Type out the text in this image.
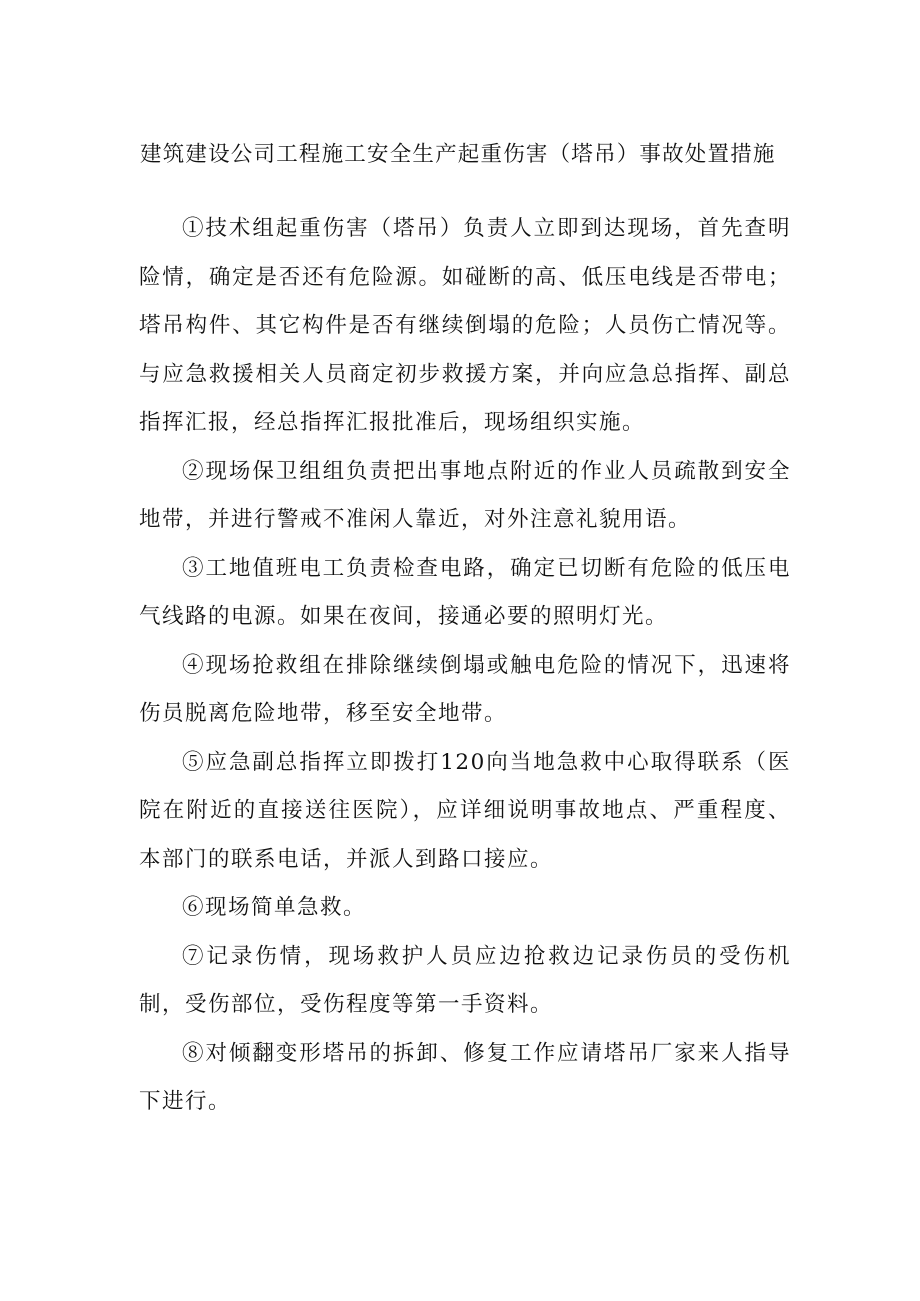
建筑建设公司工程施工安全生产起重伤害（塔吊）事故处置措施

①技术组起重伤害（塔吊）负责人立即到达现场，首先查明险情，确定是否还有危险源。如碰断的高、低压电线是否带电；塔吊构件、其它构件是否有继续倒塌的危险；人员伤亡情况等。与应急救援相关人员商定初步救援方案，并向应急总指挥、副总指挥汇报，经总指挥汇报批准后，现场组织实施。

②现场保卫组组负责把出事地点附近的作业人员疏散到安全地带，并进行警戒不准闲人靠近，对外注意礼貌用语。

③工地值班电工负责检查电路，确定已切断有危险的低压电气线路的电源。如果在夜间，接通必要的照明灯光。

④现场抢救组在排除继续倒塌或触电危险的情况下，迅速将伤员脱离危险地带，移至安全地带。

⑤应急副总指挥立即拨打120向当地急救中心取得联系（医院在附近的直接送往医院），应详细说明事故地点、严重程度、本部门的联系电话，并派人到路口接应。

⑥现场简单急救。

⑦记录伤情，现场救护人员应边抢救边记录伤员的受伤机制，受伤部位，受伤程度等第一手资料。

⑧对倾翻变形塔吊的拆卸、修复工作应请塔吊厂家来人指导下进行。
